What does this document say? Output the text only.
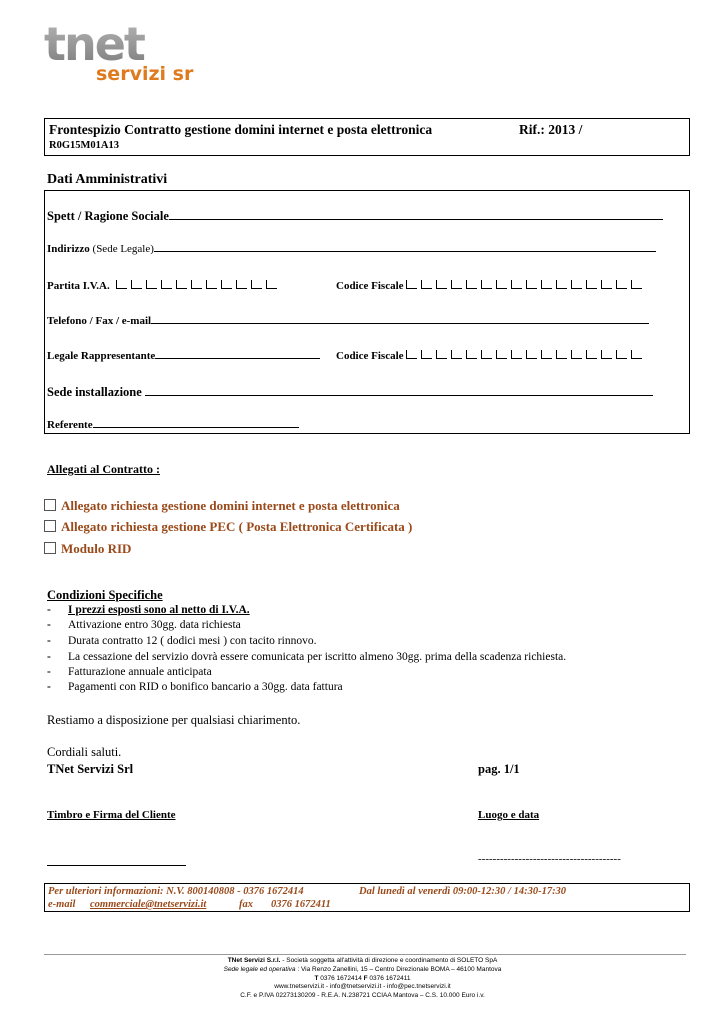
tnet
servizi srl
Frontespizio Contratto gestione domini internet e posta elettronica	Rif.: 2013 /
R0G15M01A13
Dati Amministrativi
Spett / Ragione Sociale
Indirizzo (Sede Legale)
Partita I.V.A.	Codice Fiscale
Telefono / Fax / e-mail
Legale Rappresentante	Codice Fiscale
Sede installazione
Referente
Allegati al Contratto :
Allegato richiesta gestione domini internet e posta elettronica
Allegato richiesta gestione PEC ( Posta Elettronica Certificata )
Modulo RID
Condizioni Specifiche
- I prezzi esposti sono al netto di I.V.A.
- Attivazione entro 30gg. data richiesta
- Durata contratto 12 ( dodici mesi ) con tacito rinnovo.
- La cessazione del servizio dovrà essere comunicata per iscritto almeno 30gg. prima della scadenza richiesta.
- Fatturazione annuale anticipata
- Pagamenti con RID o bonifico bancario a 30gg. data fattura
Restiamo a disposizione per qualsiasi chiarimento.
Cordiali saluti.
TNet Servizi Srl	pag. 1/1
Timbro e Firma del Cliente	Luogo e data
---------------------------------------
Per ulteriori informazioni: N.V. 800140808 - 0376 1672414	Dal lunedì al venerdì 09:00-12:30 / 14:30-17:30
e-mail commerciale@tnetservizi.it	fax 0376 1672411
TNet Servizi S.r.l. - Società soggetta all'attività di direzione e coordinamento di SOLETO SpA
Sede legale ed operativa : Via Renzo Zanellini, 15 – Centro Direzionale BOMA – 46100 Mantova
T 0376 1672414 F 0376 1672411
www.tnetservizi.it - info@tnetservizi.it - info@pec.tnetservizi.it
C.F. e P.IVA 02273130209 - R.E.A. N.238721 CCIAA Mantova – C.S. 10.000 Euro i.v.
